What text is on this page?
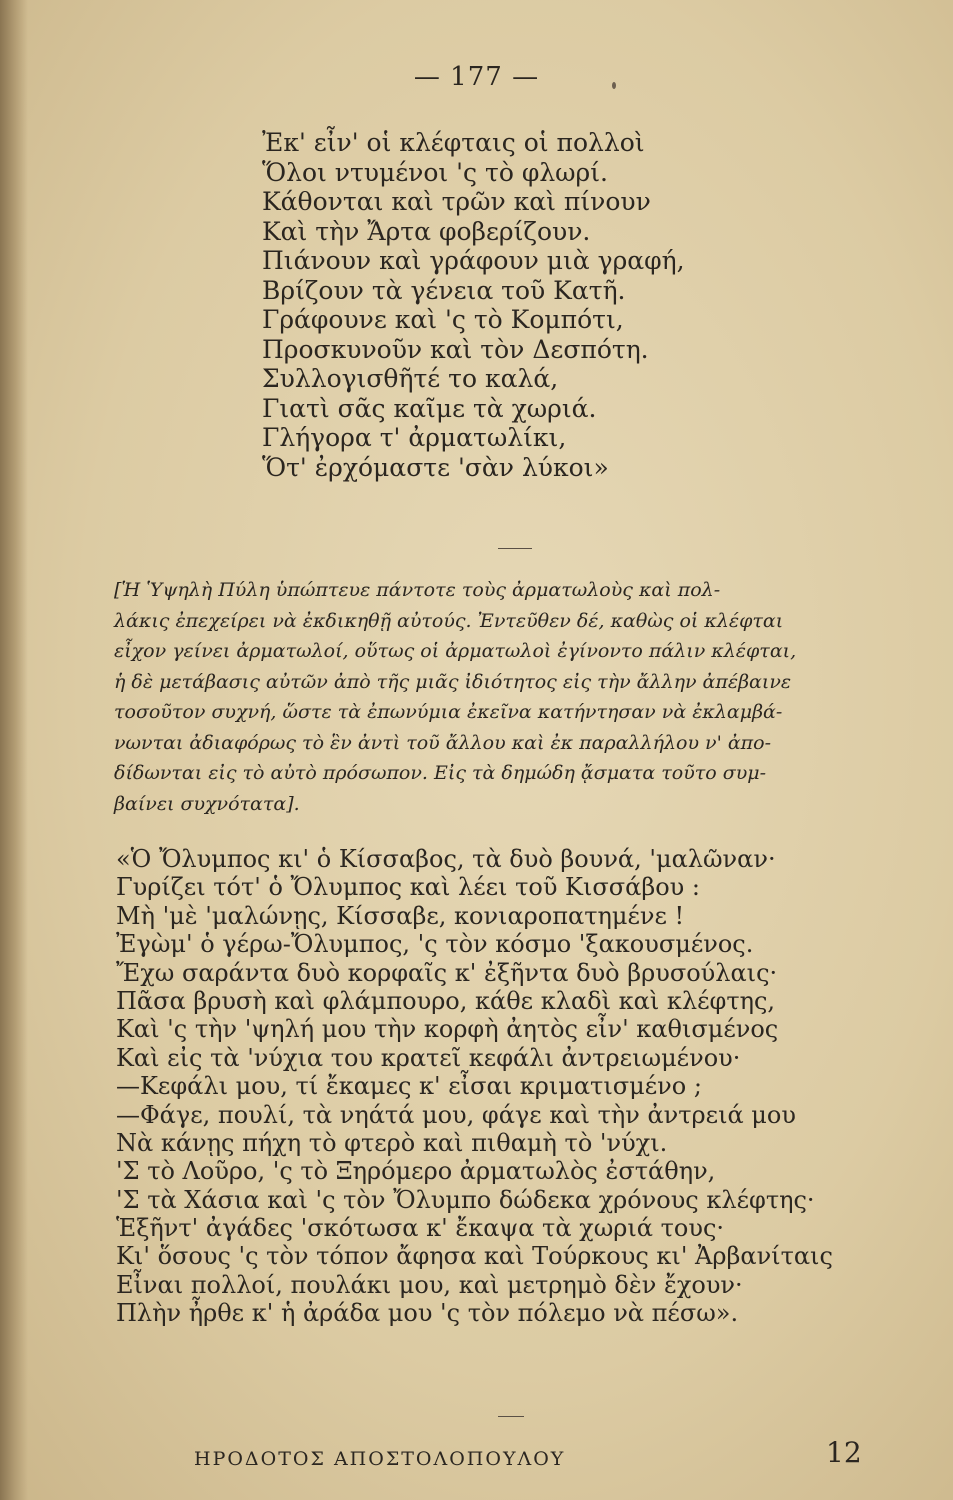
— 177 —
Ἐκ' εἶν' οἱ κλέφταις οἱ πολλοὶ
Ὅλοι ντυμένοι 'ς τὸ φλωρί.
Κάθονται καὶ τρῶν καὶ πίνουν
Καὶ τὴν Ἄρτα φοβερίζουν.
Πιάνουν καὶ γράφουν μιὰ γραφή,
Βρίζουν τὰ γένεια τοῦ Κατῆ.
Γράφουνε καὶ 'ς τὸ Κομπότι,
Προσκυνοῦν καὶ τὸν Δεσπότη.
Συλλογισθῆτέ το καλά,
Γιατὶ σᾶς καῖμε τὰ χωριά.
Γλήγορα τ' ἀρματωλίκι,
Ὅτ' ἐρχόμαστε 'σὰν λύκοι»
[Ἡ Ὑψηλὴ Πύλη ὑπώπτευε πάντοτε τοὺς ἀρματωλοὺς καὶ πολ-
λάκις ἐπεχείρει νὰ ἐκδικηθῇ αὐτούς. Ἐντεῦθεν δέ, καθὼς οἱ κλέφται
εἶχον γείνει ἀρματωλοί, οὕτως οἱ ἀρματωλοὶ ἐγίνοντο πάλιν κλέφται,
ἡ δὲ μετάβασις αὐτῶν ἀπὸ τῆς μιᾶς ἰδιότητος εἰς τὴν ἄλλην ἀπέβαινε
τοσοῦτον συχνή, ὥστε τὰ ἐπωνύμια ἐκεῖνα κατήντησαν νὰ ἐκλαμβά-
νωνται ἀδιαφόρως τὸ ἓν ἀντὶ τοῦ ἄλλου καὶ ἐκ παραλλήλου ν' ἀπο-
δίδωνται εἰς τὸ αὐτὸ πρόσωπον. Εἰς τὰ δημώδη ᾄσματα τοῦτο συμ-
βαίνει συχνότατα].
«Ὁ Ὄλυμπος κι' ὁ Κίσσαβος, τὰ δυὸ βουνά, 'μαλῶναν·
Γυρίζει τότ' ὁ Ὄλυμπος καὶ λέει τοῦ Κισσάβου :
Μὴ 'μὲ 'μαλώνῃς, Κίσσαβε, κονιαροπατημένε !
Ἐγὼμ' ὁ γέρω-Ὄλυμπος, 'ς τὸν κόσμο 'ξακουσμένος.
Ἔχω σαράντα δυὸ κορφαῖς κ' ἐξῆντα δυὸ βρυσούλαις·
Πᾶσα βρυσὴ καὶ φλάμπουρο, κάθε κλαδὶ καὶ κλέφτης,
Καὶ 'ς τὴν 'ψηλή μου τὴν κορφὴ ἀητὸς εἶν' καθισμένος
Καὶ εἰς τὰ 'νύχια του κρατεῖ κεφάλι ἀντρειωμένου·
—Κεφάλι μου, τί ἔκαμες κ' εἶσαι κριματισμένο ;
—Φάγε, πουλί, τὰ νηάτά μου, φάγε καὶ τὴν ἀντρειά μου
Νὰ κάνῃς πήχη τὸ φτερὸ καὶ πιθαμὴ τὸ 'νύχι.
'Σ τὸ Λοῦρο, 'ς τὸ Ξηρόμερο ἀρματωλὸς ἐστάθην,
'Σ τὰ Χάσια καὶ 'ς τὸν Ὄλυμπο δώδεκα χρόνους κλέφτης·
Ἑξῆντ' ἀγάδες 'σκότωσα κ' ἔκαψα τὰ χωριά τους·
Κι' ὅσους 'ς τὸν τόπον ἄφησα καὶ Τούρκους κι' Ἀρβανίταις
Εἶναι πολλοί, πουλάκι μου, καὶ μετρημὸ δὲν ἔχουν·
Πλὴν ἦρθε κ' ἡ ἀράδα μου 'ς τὸν πόλεμο νὰ πέσω».
ΗΡΟΔΟΤΟΣ ΑΠΟΣΤΟΛΟΠΟΥΛΟΥ	12
